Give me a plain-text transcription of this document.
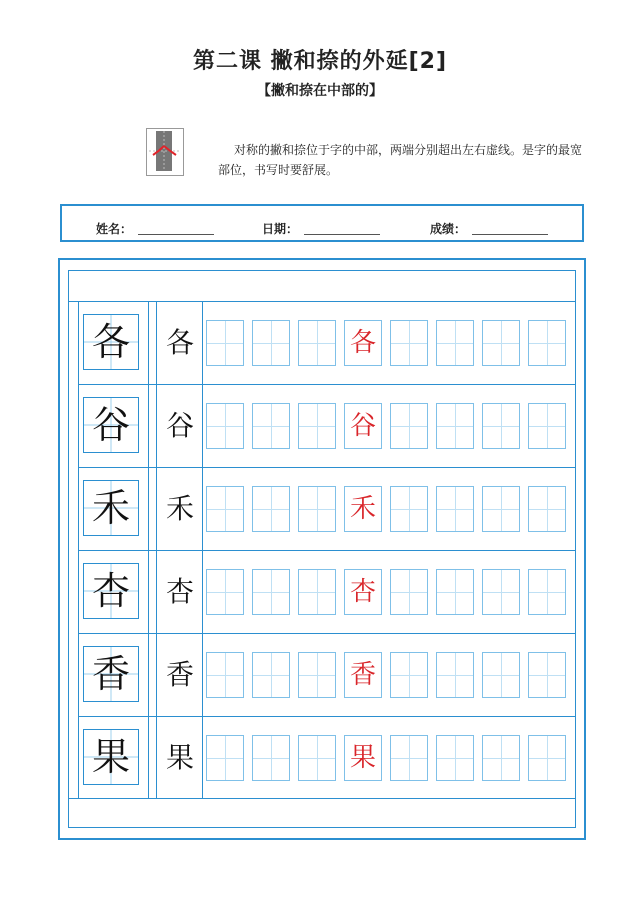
第二课 撇和捺的外延[2]
【撇和捺在中部的】
对称的撇和捺位于字的中部，两端分别超出左右虚线。是字的最宽部位，书写时要舒展。
姓名：	日期：	成绩：
各 各	各
谷 谷	谷
禾 禾	禾
杏 杏	杏
香 香	香
果 果	果
